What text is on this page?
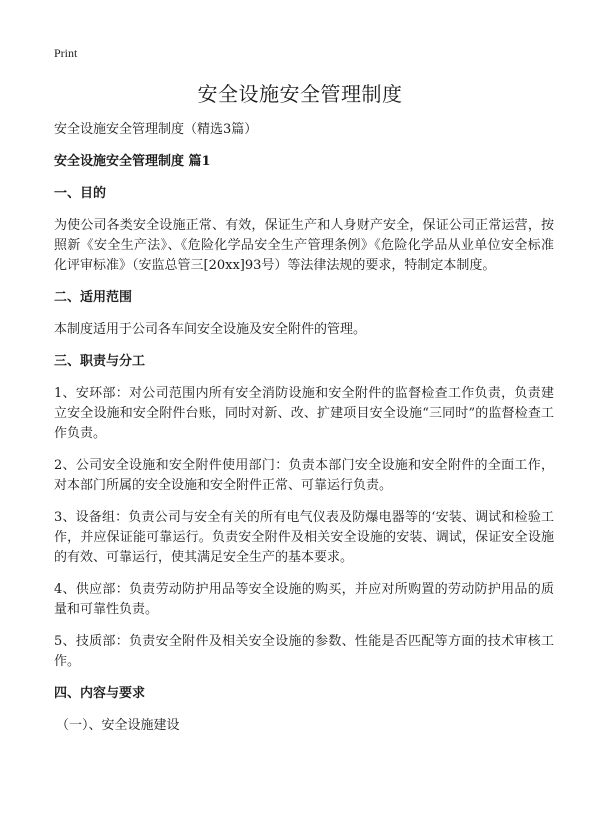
Print
安全设施安全管理制度

安全设施安全管理制度（精选3篇）

安全设施安全管理制度 篇1

一、目的

为使公司各类安全设施正常、有效，保证生产和人身财产安全，保证公司正常运营，按照新《安全生产法》、《危险化学品安全生产管理条例》《危险化学品从业单位安全标准化评审标准》（安监总管三[20xx]93号）等法律法规的要求，特制定本制度。

二、适用范围

本制度适用于公司各车间安全设施及安全附件的管理。

三、职责与分工

1、安环部：对公司范围内所有安全消防设施和安全附件的监督检查工作负责，负责建立安全设施和安全附件台账，同时对新、改、扩建项目安全设施“三同时”的监督检查工作负责。

2、公司安全设施和安全附件使用部门：负责本部门安全设施和安全附件的全面工作，对本部门所属的安全设施和安全附件正常、可靠运行负责。

3、设备组：负责公司与安全有关的所有电气仪表及防爆电器等的‘安装、调试和检验工作，并应保证能可靠运行。负责安全附件及相关安全设施的安装、调试，保证安全设施的有效、可靠运行，使其满足安全生产的基本要求。

4、供应部：负责劳动防护用品等安全设施的购买，并应对所购置的劳动防护用品的质量和可靠性负责。

5、技质部：负责安全附件及相关安全设施的参数、性能是否匹配等方面的技术审核工作。

四、内容与要求

（一）、安全设施建设
